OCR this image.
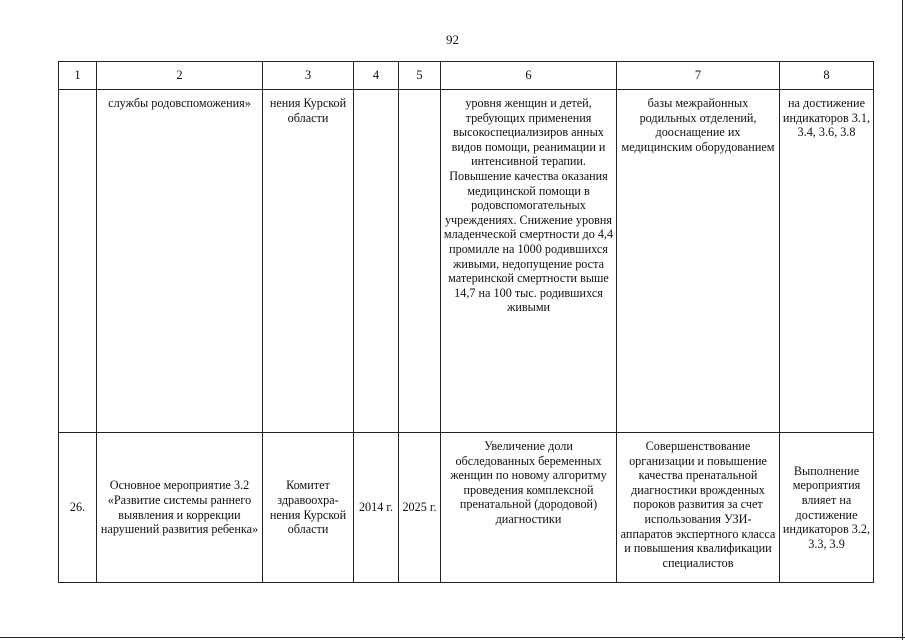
92
1	2	3	4	5	6	7	8
	службы родовспоможения»	нения Курской области			уровня женщин и детей, требующих применения высокоспециализиров анных видов помощи, реанимации и интенсивной терапии. Повышение качества оказания медицинской помощи в родовспомогательных учреждениях. Снижение уровня младенческой смертности до 4,4 промилле на 1000 родившихся живыми, недопущение роста материнской смертности выше 14,7 на 100 тыс. родившихся живыми	базы межрайонных родильных отделений, дооснащение их медицинским оборудованием	на достижение индикаторов 3.1, 3.4, 3.6, 3.8
26.	Основное мероприятие 3.2 «Развитие системы раннего выявления и коррекции нарушений развития ребенка»	Комитет здравоохра-нения Курской области	2014 г.	2025 г.	Увеличение доли обследованных беременных женщин по новому алгоритму проведения комплексной пренатальной (дородовой) диагностики	Совершенствование организации и повышение качества пренатальной диагностики врожденных пороков развития за счет использования УЗИ-аппаратов экспертного класса и повышения квалификации специалистов	Выполнение мероприятия влияет на достижение индикаторов 3.2, 3.3, 3.9
